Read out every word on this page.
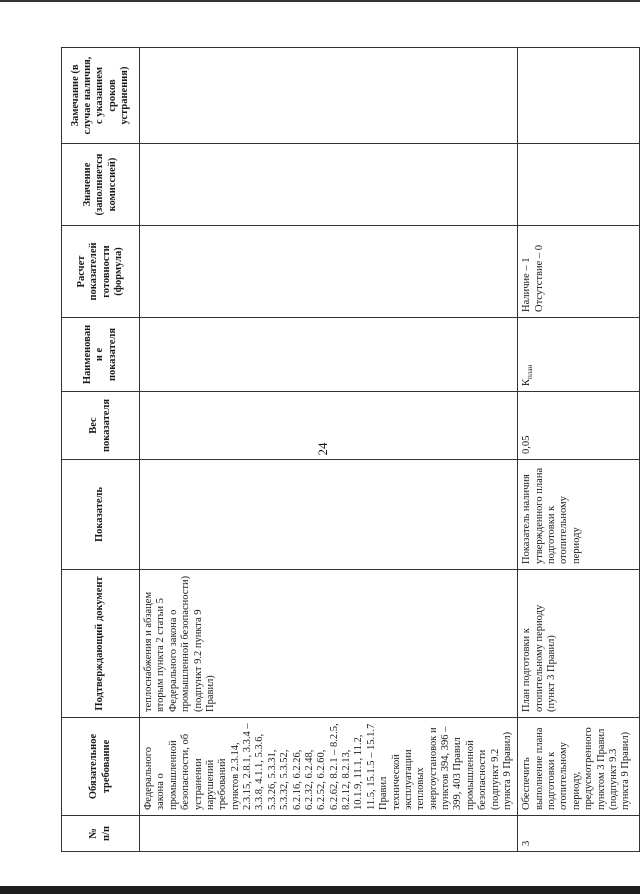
24
№
п/п	Обязательное требование	Подтверждающий документ	Показатель	Вес показателя	Наименовани е показателя	Расчет показателей готовности (формула)	Значение (заполняется комиссией)	Замечание (в случае наличия, с указанием сроков устранения)
	Федерального закона о промышленной безопасности, об устранении нарушений требований пунктов 2.3.14, 2.3.15, 2.8.1, 3.3.4 – 3.3.8, 4.1.1, 5.3.6, 5.3.26, 5.3.31, 5.3.32, 5.3.52, 6.2.16, 6.2.26, 6.2.32, 6.2.48, 6.2.52, 6.2.60, 6.2.62, 8.2.1 – 8.2.5, 8.2.12, 8.2.13, 10.1.9, 11.1, 11.2, 11.5, 15.1.5 – 15.1.7 Правил технической эксплуатации тепловых энергоустановок и пунктов 394, 396 – 399, 403 Правил промышленной безопасности (подпункт 9.2 пункта 9 Правил)	теплоснабжения и абзацем вторым пункта 2 статьи 5 Федерального закона о промышленной безопасности) (подпункт 9.2 пункта 9 Правил)						
3	Обеспечить выполнение плана подготовки к отопительному периоду, предусмотренного пунктом 3 Правил (подпункт 9.3 пункта 9 Правил)	План подготовки к отопительному периоду (пункт 3 Правил)	Показатель наличия утвержденного плана подготовки к отопительному периоду	0,05	$К_{план}$	Наличие – 1
Отсутствие – 0		
